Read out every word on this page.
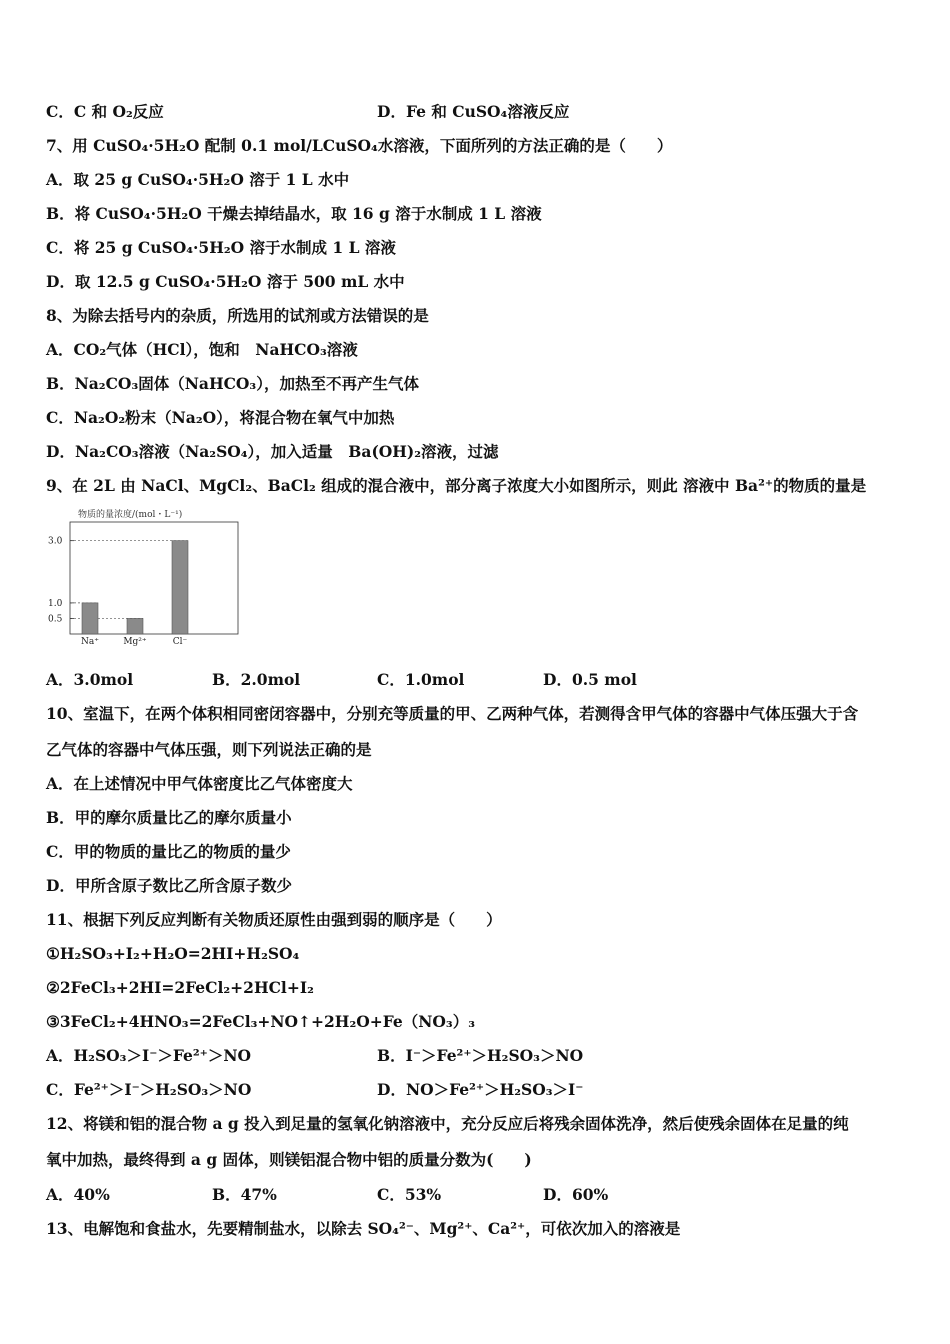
C．C 和 O₂反应	D．Fe 和 CuSO₄溶液反应
7、用 CuSO₄·5H₂O 配制 0.1 mol/LCuSO₄水溶液，下面所列的方法正确的是（　　）
A．取 25 g CuSO₄·5H₂O 溶于 1 L 水中
B．将 CuSO₄·5H₂O 干燥去掉结晶水，取 16 g 溶于水制成 1 L 溶液
C．将 25 g CuSO₄·5H₂O 溶于水制成 1 L 溶液
D．取 12.5 g CuSO₄·5H₂O 溶于 500 mL 水中
8、为除去括号内的杂质，所选用的试剂或方法错误的是
A．CO₂气体（HCl），饱和　NaHCO₃溶液
B．Na₂CO₃固体（NaHCO₃），加热至不再产生气体
C．Na₂O₂粉末（Na₂O），将混合物在氧气中加热
D．Na₂CO₃溶液（Na₂SO₄），加入适量　Ba(OH)₂溶液，过滤
9、在 2L 由 NaCl、MgCl₂、BaCl₂ 组成的混合液中，部分离子浓度大小如图所示，则此 溶液中 Ba²⁺的物质的量是
物质的量浓度/(mol・L⁻¹)
3.0
1.0
0.5
Na⁺	Mg²⁺	Cl⁻
A．3.0mol	B．2.0mol	C．1.0mol	D．0.5 mol
10、室温下，在两个体积相同密闭容器中，分别充等质量的甲、乙两种气体，若测得含甲气体的容器中气体压强大于含
乙气体的容器中气体压强，则下列说法正确的是
A．在上述情况中甲气体密度比乙气体密度大
B．甲的摩尔质量比乙的摩尔质量小
C．甲的物质的量比乙的物质的量少
D．甲所含原子数比乙所含原子数少
11、根据下列反应判断有关物质还原性由强到弱的顺序是（　　）
①H₂SO₃+I₂+H₂O=2HI+H₂SO₄
②2FeCl₃+2HI=2FeCl₂+2HCl+I₂
③3FeCl₂+4HNO₃=2FeCl₃+NO↑+2H₂O+Fe（NO₃）₃
A．H₂SO₃＞I⁻＞Fe²⁺＞NO	B．I⁻＞Fe²⁺＞H₂SO₃＞NO
C．Fe²⁺＞I⁻＞H₂SO₃＞NO	D．NO＞Fe²⁺＞H₂SO₃＞I⁻
12、将镁和铝的混合物 a g 投入到足量的氢氧化钠溶液中，充分反应后将残余固体洗净，然后使残余固体在足量的纯
氧中加热，最终得到 a g 固体，则镁铝混合物中铝的质量分数为(　　)
A．40%	B．47%	C．53%	D．60%
13、电解饱和食盐水，先要精制盐水，以除去 SO₄²⁻、Mg²⁺、Ca²⁺，可依次加入的溶液是
